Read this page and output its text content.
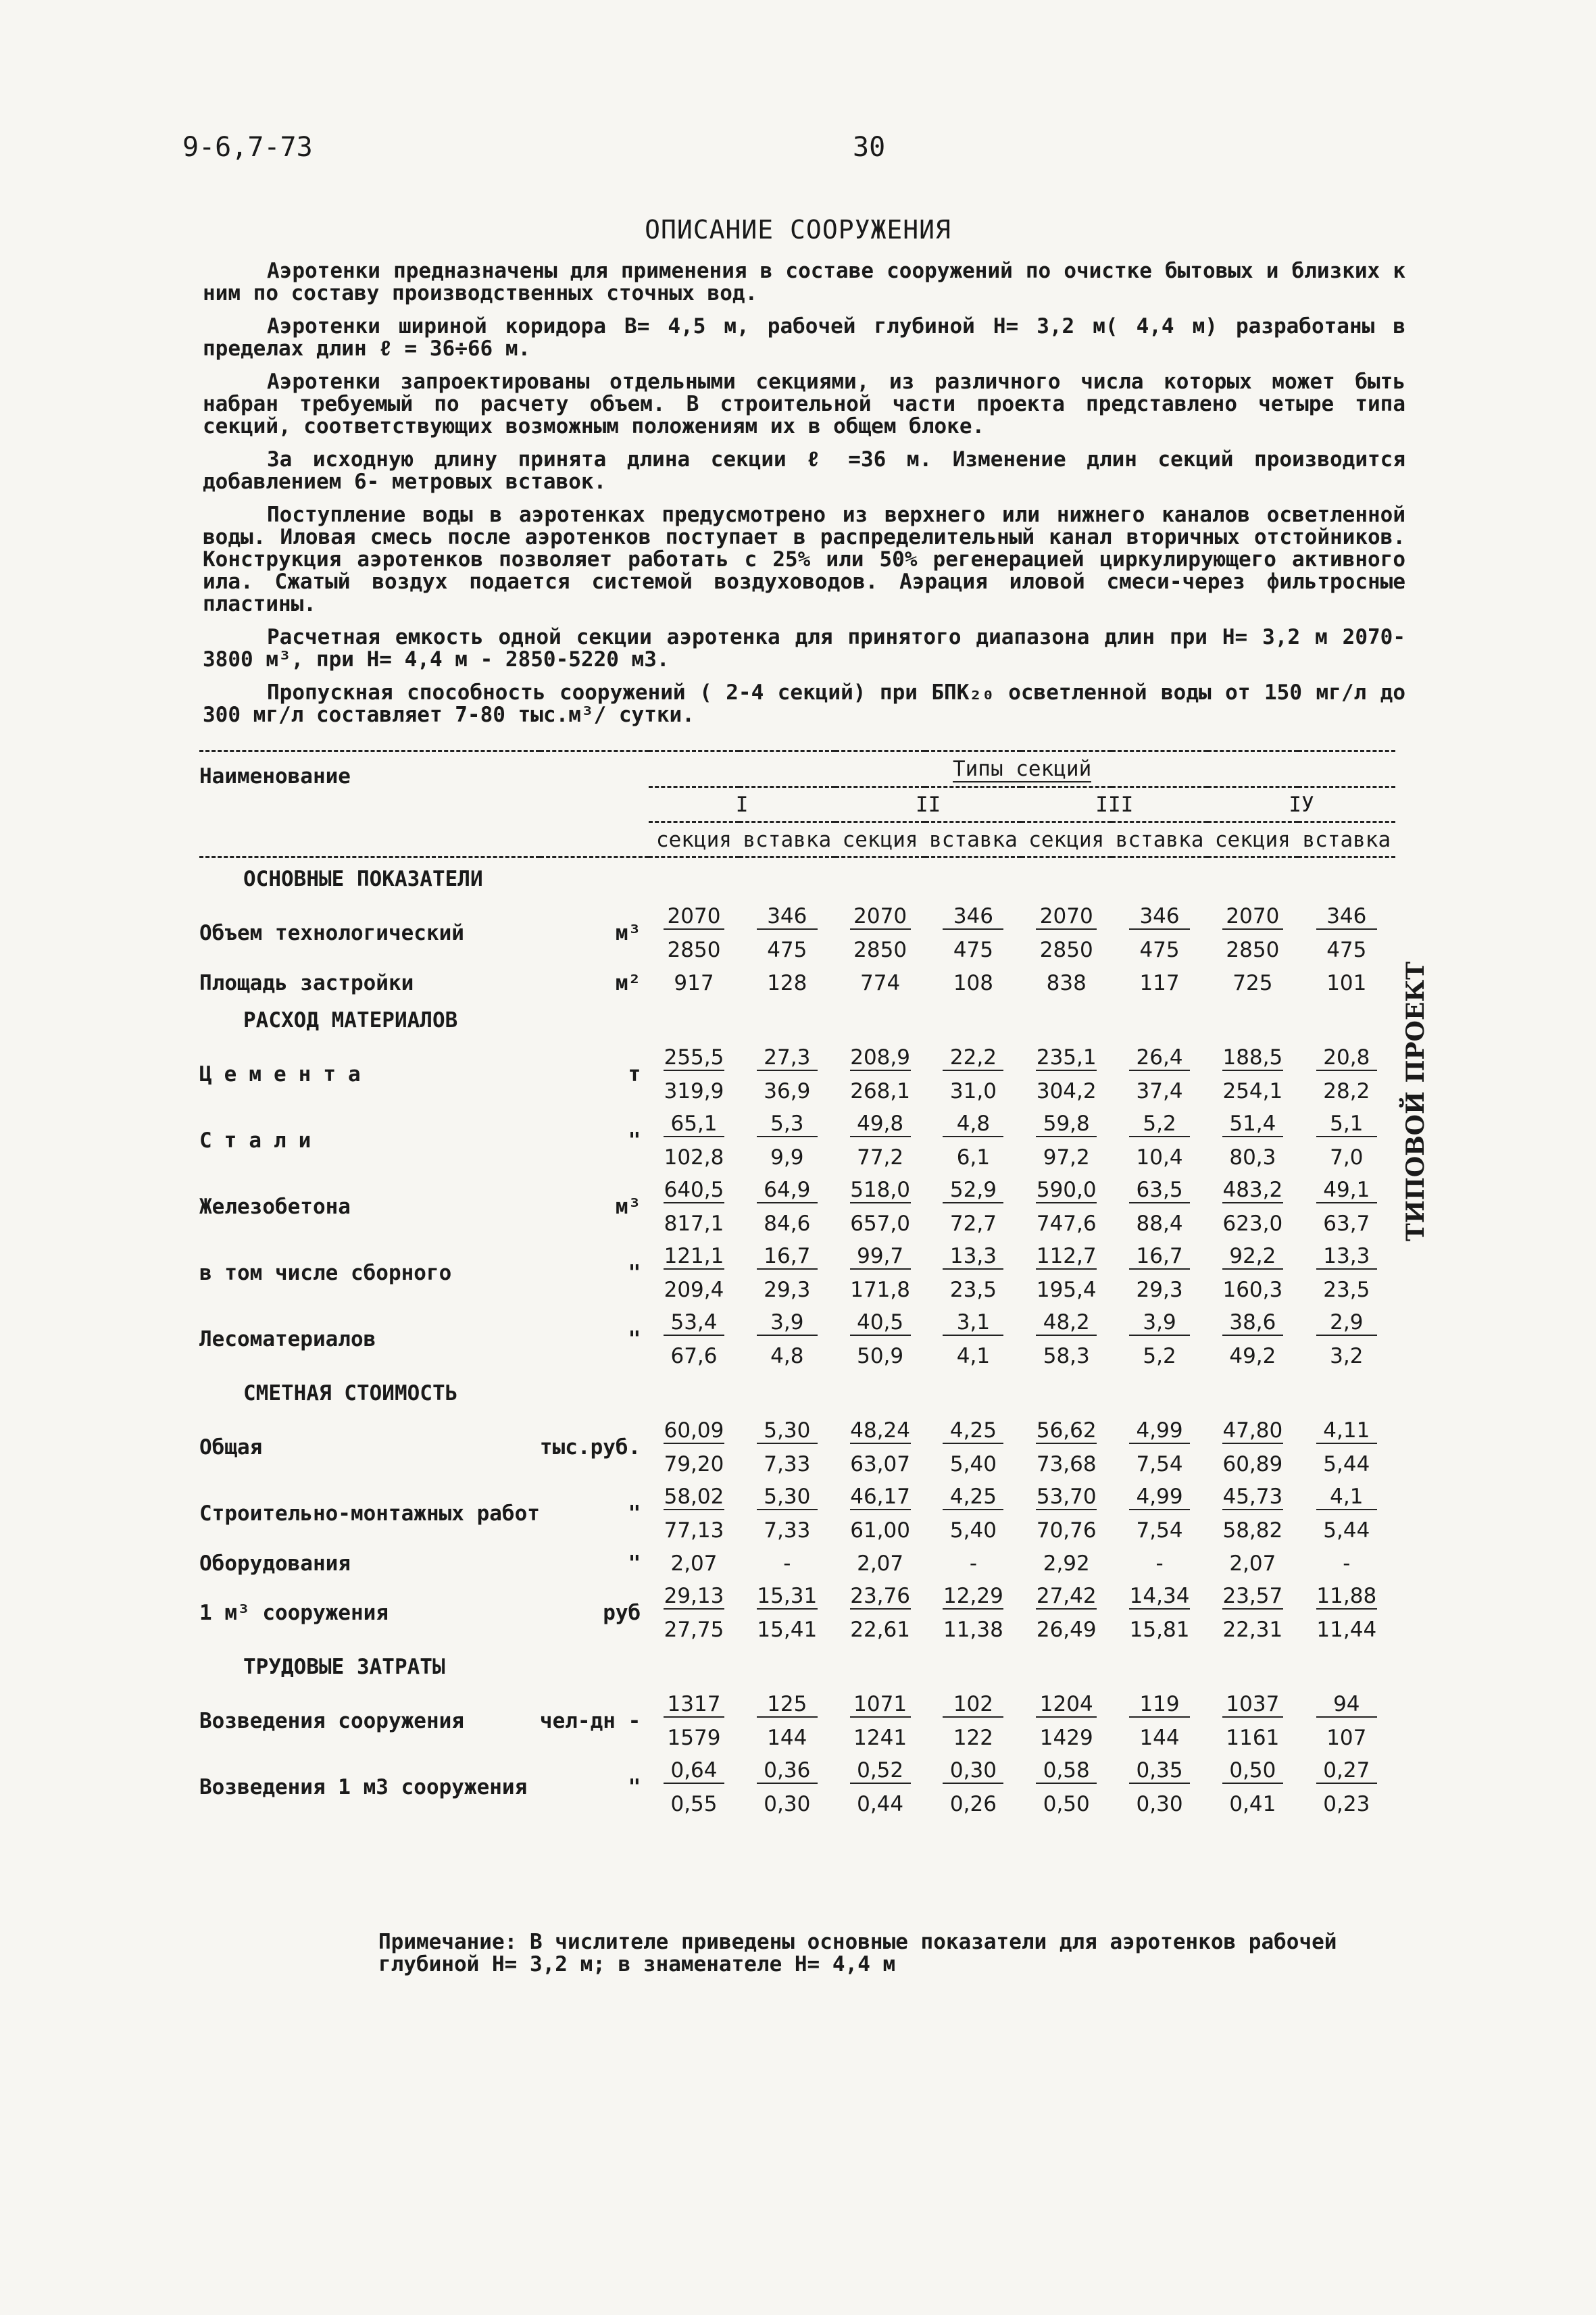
9-6,7-73	30
ОПИСАНИЕ СООРУЖЕНИЯ

Аэротенки предназначены для применения в составе сооружений по очистке бытовых и близких к ним по составу производственных сточных вод.

Аэротенки шириной коридора B= 4,5 м, рабочей глубиной H= 3,2 м( 4,4 м) разработаны в пределах длин ℓ = 36÷66 м.

Аэротенки запроектированы отдельными секциями, из различного числа которых может быть набран требуемый по расчету объем. В строительной части проекта представлено четыре типа секций, соответствующих возможным положениям их в общем блоке.

За исходную длину принята длина секции ℓ =36 м. Изменение длин секций производится добавлением 6- метровых вставок.

Поступление воды в аэротенках предусмотрено из верхнего или нижнего каналов осветленной воды. Иловая смесь после аэротенков поступает в распределительный канал вторичных отстойников. Конструкция аэротенков позволяет работать с 25% или 50% регенерацией циркулирующего активного ила. Сжатый воздух подается системой воздуховодов. Аэрация иловой смеси-через фильтросные пластины.

Расчетная емкость одной секции аэротенка для принятого диапазона длин при H= 3,2 м 2070-3800 м³, при H= 4,4 м - 2850-5220 м3.

Пропускная способность сооружений ( 2-4 секций) при БПК₂₀ осветленной воды от 150 мг/л до 300 мг/л составляет 7-80 тыс.м³/ сутки.

ТИПОВОЙ ПРОЕКТ
Наименование		Типы секций							
		I		II		III		IУ	
		секция	вставка	секция	вставка	секция	вставка	секция	вставка
ОСНОВНЫЕ ПОКАЗАТЕЛИ									
Объем технологический	м³	2070	346	2070	346	2070	346	2070	346
		2850	475	2850	475	2850	475	2850	475
Площадь застройки	м²	917	128	774	108	838	117	725	101
РАСХОД МАТЕРИАЛОВ									
Цемента	т	255,5	27,3	208,9	22,2	235,1	26,4	188,5	20,8
		319,9	36,9	268,1	31,0	304,2	37,4	254,1	28,2
Стали	"	65,1	5,3	49,8	4,8	59,8	5,2	51,4	5,1
		102,8	9,9	77,2	6,1	97,2	10,4	80,3	7,0
Железобетона	м³	640,5	64,9	518,0	52,9	590,0	63,5	483,2	49,1
		817,1	84,6	657,0	72,7	747,6	88,4	623,0	63,7
в том числе сборного	"	121,1	16,7	99,7	13,3	112,7	16,7	92,2	13,3
		209,4	29,3	171,8	23,5	195,4	29,3	160,3	23,5
Лесоматериалов	"	53,4	3,9	40,5	3,1	48,2	3,9	38,6	2,9
		67,6	4,8	50,9	4,1	58,3	5,2	49,2	3,2
СМЕТНАЯ СТОИМОСТЬ									
Общая	тыс.руб.	60,09	5,30	48,24	4,25	56,62	4,99	47,80	4,11
		79,20	7,33	63,07	5,40	73,68	7,54	60,89	5,44
Строительно-монтажных работ	"	58,02	5,30	46,17	4,25	53,70	4,99	45,73	4,1
		77,13	7,33	61,00	5,40	70,76	7,54	58,82	5,44
Оборудования	"	2,07	-	2,07	-	2,92	-	2,07	-
1 м³ сооружения	руб	29,13	15,31	23,76	12,29	27,42	14,34	23,57	11,88
		27,75	15,41	22,61	11,38	26,49	15,81	22,31	11,44
ТРУДОВЫЕ ЗАТРАТЫ									
Возведения сооружения	чел-дн -	1317	125	1071	102	1204	119	1037	94
		1579	144	1241	122	1429	144	1161	107
Возведения 1 м3 сооружения	"	0,64	0,36	0,52	0,30	0,58	0,35	0,50	0,27
		0,55	0,30	0,44	0,26	0,50	0,30	0,41	0,23
Примечание: В числителе приведены основные показатели для аэротенков рабочей глубиной H= 3,2 м; в знаменателе H= 4,4 м
